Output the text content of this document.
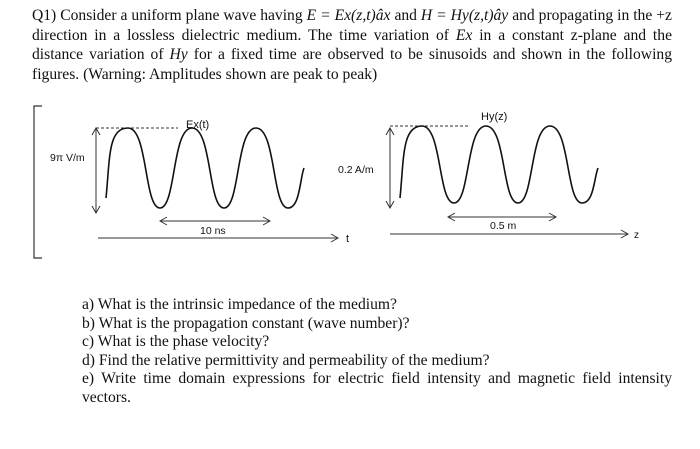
Q1) Consider a uniform plane wave having E = Ex(z,t)âx and H = Hy(z,t)ây and propagating in the +z direction in a lossless dielectric medium. The time variation of Ex in a constant z-plane and the distance variation of Hy for a fixed time are observed to be sinusoids and shown in the following figures. (Warning: Amplitudes shown are peak to peak)
Ex(t)
9π V/m
10 ns
t
Hy(z)
0.2 A/m
0.5 m
z
a) What is the intrinsic impedance of the medium?
b) What is the propagation constant (wave number)?
c) What is the phase velocity?
d) Find the relative permittivity and permeability of the medium?
e) Write time domain expressions for electric field intensity and magnetic field intensity vectors.
